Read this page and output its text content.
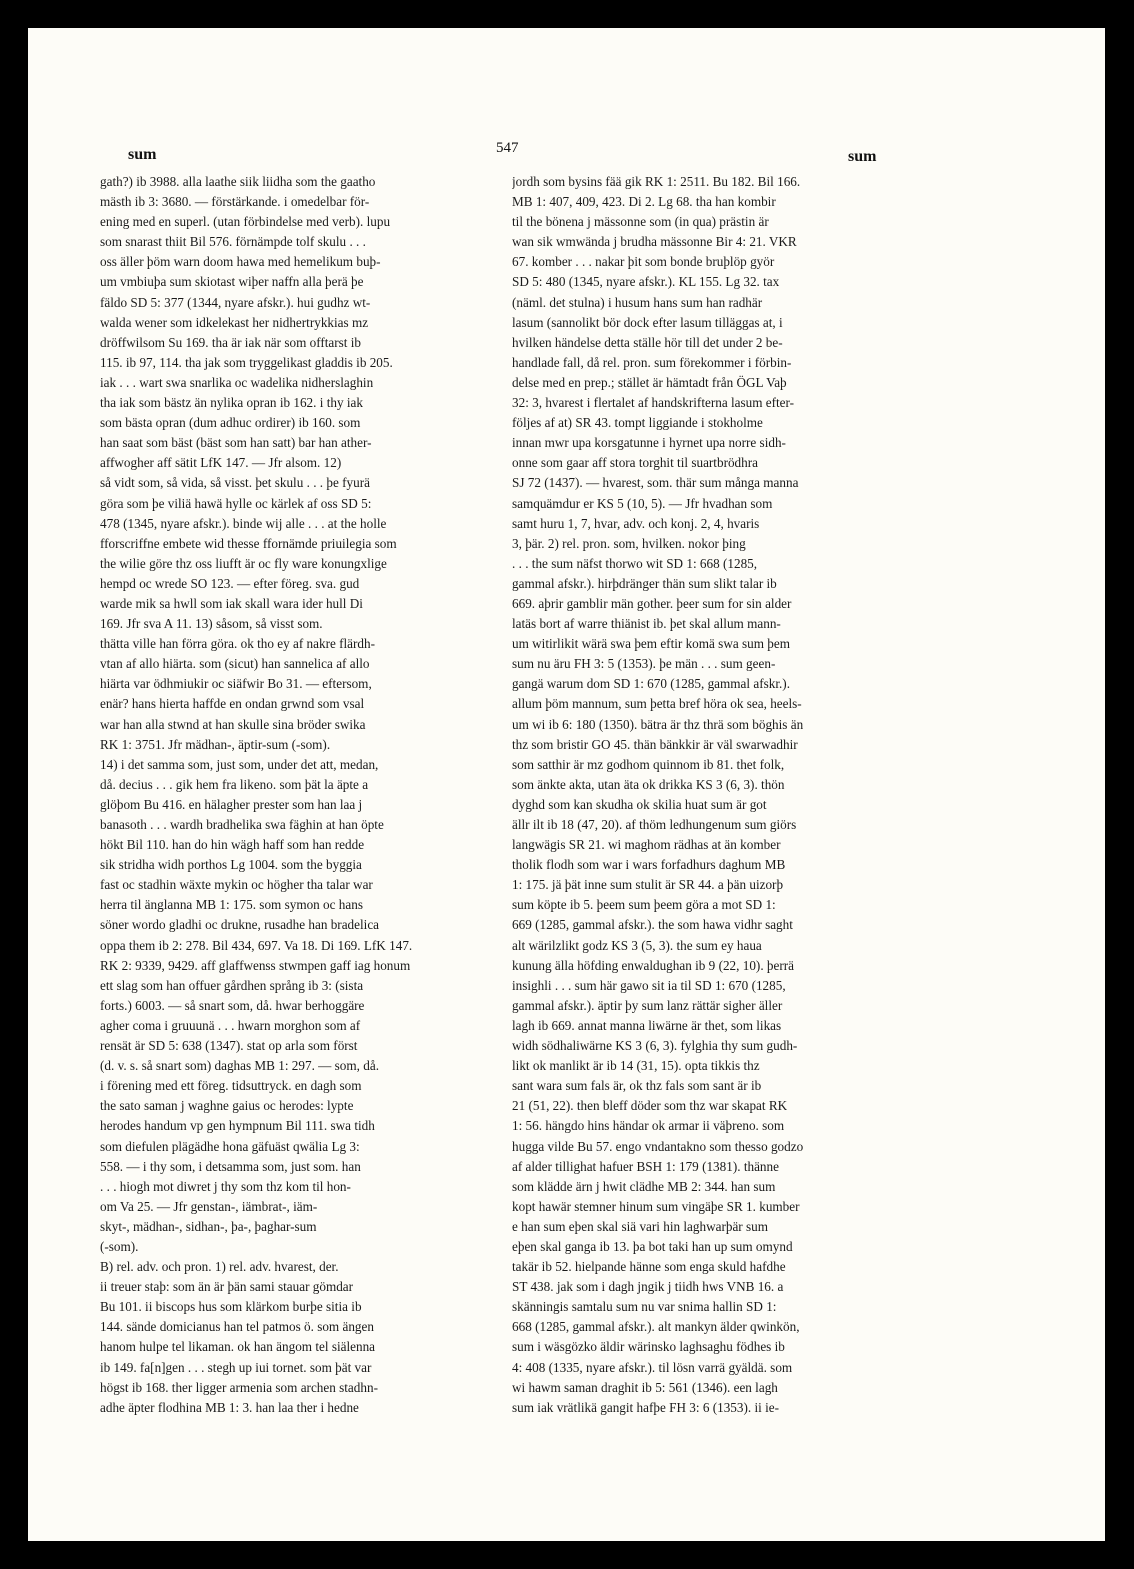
sum	547	sum
gath?) ib 3988. alla laathe siik liidha som the gaatho
mästh ib 3: 3680. — förstärkande. i omedelbar för-
ening med en superl. (utan förbindelse med verb). lupu
som snarast thiit Bil 576. förnämpde tolf skulu . . .
oss äller þöm warn doom hawa med hemelikum buþ-
um vmbiuþa sum skiotast wiþer naffn alla þerä þe
fäldo SD 5: 377 (1344, nyare afskr.). hui gudhz wt-
walda wener som idkelekast her nidhertrykkias mz
dröffwilsom Su 169. tha är iak när som offtarst ib
115. ib 97, 114. tha jak som tryggelikast gladdis ib 205.
iak . . . wart swa snarlika oc wadelika nidherslaghin
tha iak som bästz än nylika opran ib 162. i thy iak
som bästa opran (dum adhuc ordirer) ib 160. som
han saat som bäst (bäst som han satt) bar han ather-
affwogher aff sätit LfK 147. — Jfr alsom. 12)
så vidt som, så vida, så visst. þet skulu . . . þe fyurä
göra som þe viliä hawä hylle oc kärlek af oss SD 5:
478 (1345, nyare afskr.). binde wij alle . . . at the holle
fforscriffne embete wid thesse ffornämde priuilegia som
the wilie göre thz oss liufft är oc fly ware konungxlige
hempd oc wrede SO 123. — efter föreg. sva. gud
warde mik sa hwll som iak skall wara ider hull Di
169. Jfr sva A 11. 13) såsom, så visst som.
thätta ville han förra göra. ok tho ey af nakre flärdh-
vtan af allo hiärta. som (sicut) han sannelica af allo
hiärta var ödhmiukir oc siäfwir Bo 31. — eftersom,
enär? hans hierta haffde en ondan grwnd som vsal
war han alla stwnd at han skulle sina bröder swika
RK 1: 3751. Jfr mädhan-, äptir-sum (-som).
14) i det samma som, just som, under det att, medan,
då. decius . . . gik hem fra likeno. som þät la äpte a
glöþom Bu 416. en hälagher prester som han laa j
banasoth . . . wardh bradhelika swa fäghin at han öpte
hökt Bil 110. han do hin wägh haff som han redde
sik stridha widh porthos Lg 1004. som the byggia
fast oc stadhin wäxte mykin oc högher tha talar war
herra til änglanna MB 1: 175. som symon oc hans
söner wordo gladhi oc drukne, rusadhe han bradelica
oppa them ib 2: 278. Bil 434, 697. Va 18. Di 169. LfK 147.
RK 2: 9339, 9429. aff glaffwenss stwmpen gaff iag honum
ett slag som han offuer gårdhen språng ib 3: (sista
forts.) 6003. — så snart som, då. hwar berhoggäre
agher coma i gruuunä . . . hwarn morghon som af
rensät är SD 5: 638 (1347). stat op arla som först
(d. v. s. så snart som) daghas MB 1: 297. — som, då.
i förening med ett föreg. tidsuttryck. en dagh som
the sato saman j waghne gaius oc herodes: lypte
herodes handum vp gen hympnum Bil 111. swa tidh
som diefulen plägädhe hona gäfuäst qwälia Lg 3:
558. — i thy som, i detsamma som, just som. han
. . . hiogh mot diwret j thy som thz kom til hon-
om Va 25. — Jfr genstan-, iämbrat-, iäm-
skyt-, mädhan-, sidhan-, þa-, þaghar-sum
(-som).
B) rel. adv. och pron. 1) rel. adv. hvarest, der.
ii treuer staþ: som än är þän sami stauar gömdar
Bu 101. ii biscops hus som klärkom burþe sitia ib
144. sände domicianus han tel patmos ö. som ängen
hanom hulpe tel likaman. ok han ängom tel siälenna
ib 149. fa[n]gen . . . stegh up iui tornet. som þät var
högst ib 168. ther ligger armenia som archen stadhn-
adhe äpter flodhina MB 1: 3. han laa ther i hedne
jordh som bysins fää gik RK 1: 2511. Bu 182. Bil 166.
MB 1: 407, 409, 423. Di 2. Lg 68. tha han kombir
til the bönena j mässonne som (in qua) prästin är
wan sik wmwända j brudha mässonne Bir 4: 21. VKR
67. komber . . . nakar þit som bonde bruþlöp györ
SD 5: 480 (1345, nyare afskr.). KL 155. Lg 32. tax
(näml. det stulna) i husum hans sum han radhär
lasum (sannolikt bör dock efter lasum tilläggas at, i
hvilken händelse detta ställe hör till det under 2 be-
handlade fall, då rel. pron. sum förekommer i förbin-
delse med en prep.; stället är hämtadt från ÖGL Vaþ
32: 3, hvarest i flertalet af handskrifterna lasum efter-
följes af at) SR 43. tompt liggiande i stokholme
innan mwr upa korsgatunne i hyrnet upa norre sidh-
onne som gaar aff stora torghit til suartbrödhra
SJ 72 (1437). — hvarest, som. thär sum många manna
samquämdur er KS 5 (10, 5). — Jfr hvadhan som
samt huru 1, 7, hvar, adv. och konj. 2, 4, hvaris
3, þär. 2) rel. pron. som, hvilken. nokor þing
. . . the sum näfst thorwo wit SD 1: 668 (1285,
gammal afskr.). hirþdränger thän sum slikt talar ib
669. aþrir gamblir män gother. þeer sum for sin alder
latäs bort af warre thiänist ib. þet skal allum mann-
um witirlikit wärä swa þem eftir komä swa sum þem
sum nu äru FH 3: 5 (1353). þe män . . . sum geen-
gangä warum dom SD 1: 670 (1285, gammal afskr.).
allum þöm mannum, sum þetta bref höra ok sea, heels-
um wi ib 6: 180 (1350). bätra är thz thrä som böghis än
thz som bristir GO 45. thän bänkkir är väl swarwadhir
som satthir är mz godhom quinnom ib 81. thet folk,
som änkte akta, utan äta ok drikka KS 3 (6, 3). thön
dyghd som kan skudha ok skilia huat sum är got
ällr ilt ib 18 (47, 20). af thöm ledhungenum sum giörs
langwägis SR 21. wi maghom rädhas at än komber
tholik flodh som war i wars forfadhurs daghum MB
1: 175. jä þät inne sum stulit är SR 44. a þän uizorþ
sum köpte ib 5. þeem sum þeem göra a mot SD 1:
669 (1285, gammal afskr.). the som hawa vidhr saght
alt wärilzlikt godz KS 3 (5, 3). the sum ey haua
kunung älla höfding enwaldughan ib 9 (22, 10). þerrä
insighli . . . sum här gawo sit ia til SD 1: 670 (1285,
gammal afskr.). äptir þy sum lanz rättär sigher äller
lagh ib 669. annat manna liwärne är thet, som likas
widh södhaliwärne KS 3 (6, 3). fylghia thy sum gudh-
likt ok manlikt är ib 14 (31, 15). opta tikkis thz
sant wara sum fals är, ok thz fals som sant är ib
21 (51, 22). then bleff döder som thz war skapat RK
1: 56. hängdo hins händar ok armar ii väþreno. som
hugga vilde Bu 57. engo vndantakno som thesso godzo
af alder tillighat hafuer BSH 1: 179 (1381). thänne
som klädde ärn j hwit clädhe MB 2: 344. han sum
kopt hawär stemner hinum sum vingäþe SR 1. kumber
e han sum eþen skal siä vari hin laghwarþär sum
eþen skal ganga ib 13. þa bot taki han up sum omynd
takär ib 52. hielpande hänne som enga skuld hafdhe
ST 438. jak som i dagh jngik j tiidh hws VNB 16. a
skänningis samtalu sum nu var snima hallin SD 1:
668 (1285, gammal afskr.). alt mankyn älder qwinkön,
sum i wäsgözko äldir wärinsko laghsaghu födhes ib
4: 408 (1335, nyare afskr.). til lösn varrä gyäldä. som
wi hawm saman draghit ib 5: 561 (1346). een lagh
sum iak vrätlikä gangit hafþe FH 3: 6 (1353). ii ie-
